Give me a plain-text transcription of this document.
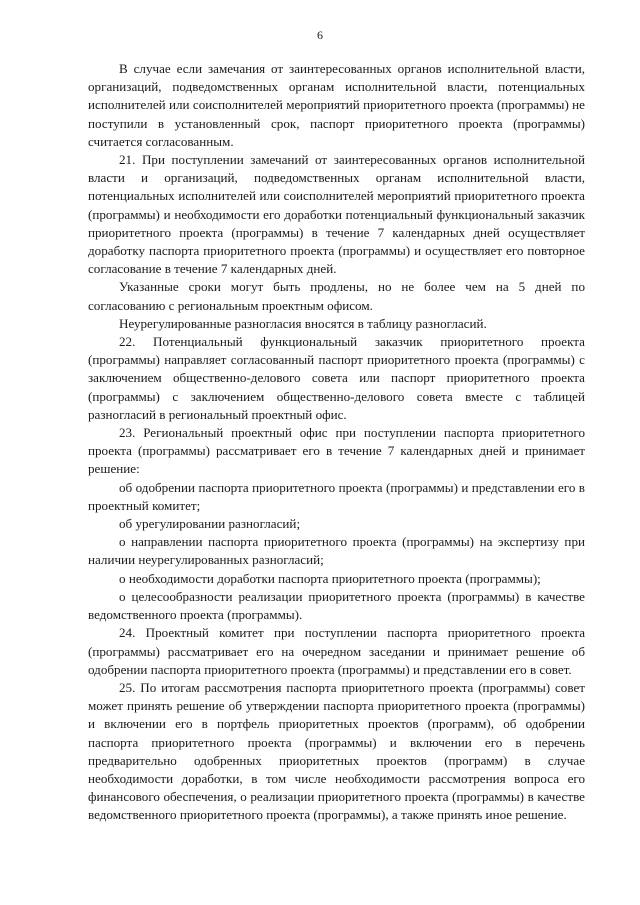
6

В случае если замечания от заинтересованных органов исполнительной власти, организаций, подведомственных органам исполнительной власти, потенциальных исполнителей или соисполнителей мероприятий приоритетного проекта (программы) не поступили в установленный срок, паспорт приоритетного проекта (программы) считается согласованным.

21. При поступлении замечаний от заинтересованных органов исполнительной власти и организаций, подведомственных органам исполнительной власти, потенциальных исполнителей или соисполнителей мероприятий приоритетного проекта (программы) и необходимости его доработки потенциальный функциональный заказчик приоритетного проекта (программы) в течение 7 календарных дней осуществляет доработку паспорта приоритетного проекта (программы) и осуществляет его повторное согласование в течение 7 календарных дней.

Указанные сроки могут быть продлены, но не более чем на 5 дней по согласованию с региональным проектным офисом.

Неурегулированные разногласия вносятся в таблицу разногласий.

22. Потенциальный функциональный заказчик приоритетного проекта (программы) направляет согласованный паспорт приоритетного проекта (программы) с заключением общественно-делового совета или паспорт приоритетного проекта (программы) с заключением общественно-делового совета вместе с таблицей разногласий в региональный проектный офис.

23. Региональный проектный офис при поступлении паспорта приоритетного проекта (программы) рассматривает его в течение 7 календарных дней и принимает решение:

об одобрении паспорта приоритетного проекта (программы) и представлении его в проектный комитет;

об урегулировании разногласий;

о направлении паспорта приоритетного проекта (программы) на экспертизу при наличии неурегулированных разногласий;

о необходимости доработки паспорта приоритетного проекта (программы);

о целесообразности реализации приоритетного проекта (программы) в качестве ведомственного проекта (программы).

24. Проектный комитет при поступлении паспорта приоритетного проекта (программы) рассматривает его на очередном заседании и принимает решение об одобрении паспорта приоритетного проекта (программы) и представлении его в совет.

25. По итогам рассмотрения паспорта приоритетного проекта (программы) совет может принять решение об утверждении паспорта приоритетного проекта (программы) и включении его в портфель приоритетных проектов (программ), об одобрении паспорта приоритетного проекта (программы) и включении его в перечень предварительно одобренных приоритетных проектов (программ) в случае необходимости доработки, в том числе необходимости рассмотрения вопроса его финансового обеспечения, о реализации приоритетного проекта (программы) в качестве ведомственного приоритетного проекта (программы), а также принять иное решение.
